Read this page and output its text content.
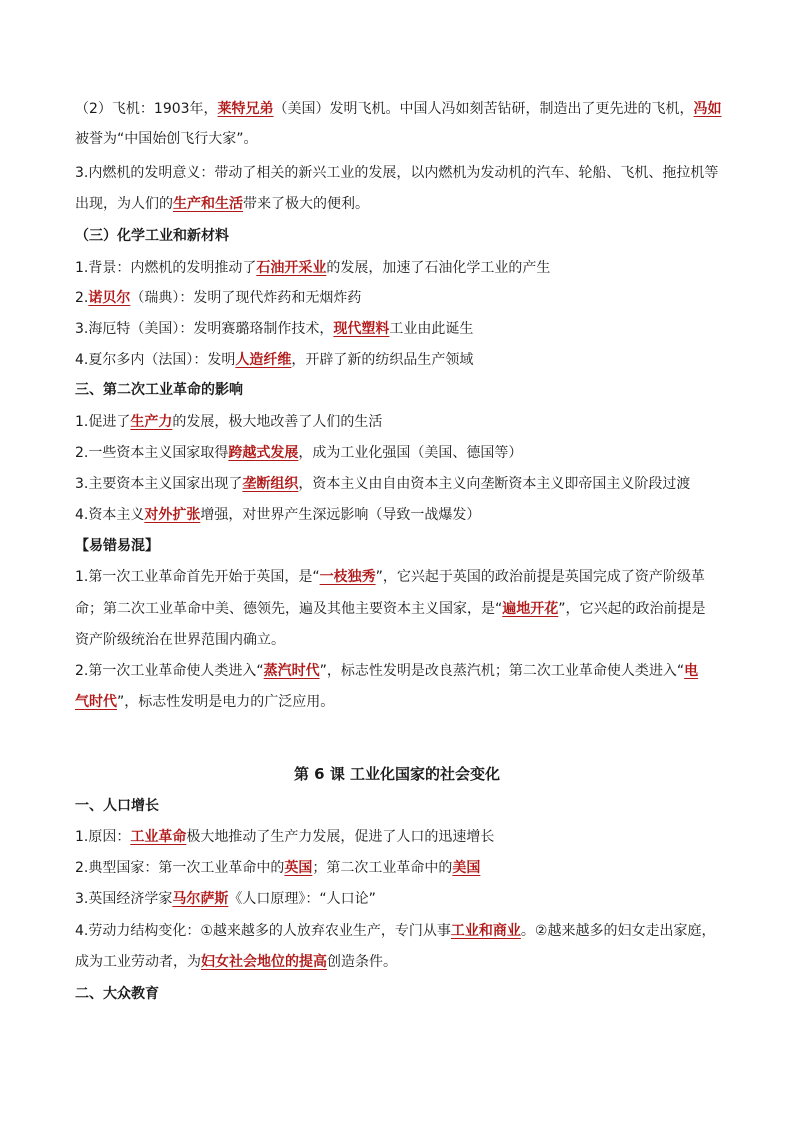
（2）飞机：1903年，莱特兄弟（美国）发明飞机。中国人冯如刻苦钻研，制造出了更先进的飞机，冯如
被誉为“中国始创飞行大家”。
3.内燃机的发明意义：带动了相关的新兴工业的发展，以内燃机为发动机的汽车、轮船、飞机、拖拉机等
出现，为人们的生产和生活带来了极大的便利。
（三）化学工业和新材料
1.背景：内燃机的发明推动了石油开采业的发展，加速了石油化学工业的产生
2.诺贝尔（瑞典）：发明了现代炸药和无烟炸药
3.海厄特（美国）：发明赛璐珞制作技术，现代塑料工业由此诞生
4.夏尔多内（法国）：发明人造纤维，开辟了新的纺织品生产领域
三、第二次工业革命的影响
1.促进了生产力的发展，极大地改善了人们的生活
2.一些资本主义国家取得跨越式发展，成为工业化强国（美国、德国等）
3.主要资本主义国家出现了垄断组织，资本主义由自由资本主义向垄断资本主义即帝国主义阶段过渡
4.资本主义对外扩张增强，对世界产生深远影响（导致一战爆发）
【易错易混】
1.第一次工业革命首先开始于英国，是“一枝独秀”，它兴起于英国的政治前提是英国完成了资产阶级革
命；第二次工业革命中美、德领先，遍及其他主要资本主义国家，是“遍地开花”，它兴起的政治前提是
资产阶级统治在世界范围内确立。
2.第一次工业革命使人类进入“蒸汽时代”，标志性发明是改良蒸汽机；第二次工业革命使人类进入“电
气时代”，标志性发明是电力的广泛应用。
第 6 课 工业化国家的社会变化
一、人口增长
1.原因：工业革命极大地推动了生产力发展，促进了人口的迅速增长
2.典型国家：第一次工业革命中的英国；第二次工业革命中的美国
3.英国经济学家马尔萨斯《人口原理》：“人口论”
4.劳动力结构变化：①越来越多的人放弃农业生产，专门从事工业和商业。②越来越多的妇女走出家庭，
成为工业劳动者，为妇女社会地位的提高创造条件。
二、大众教育
